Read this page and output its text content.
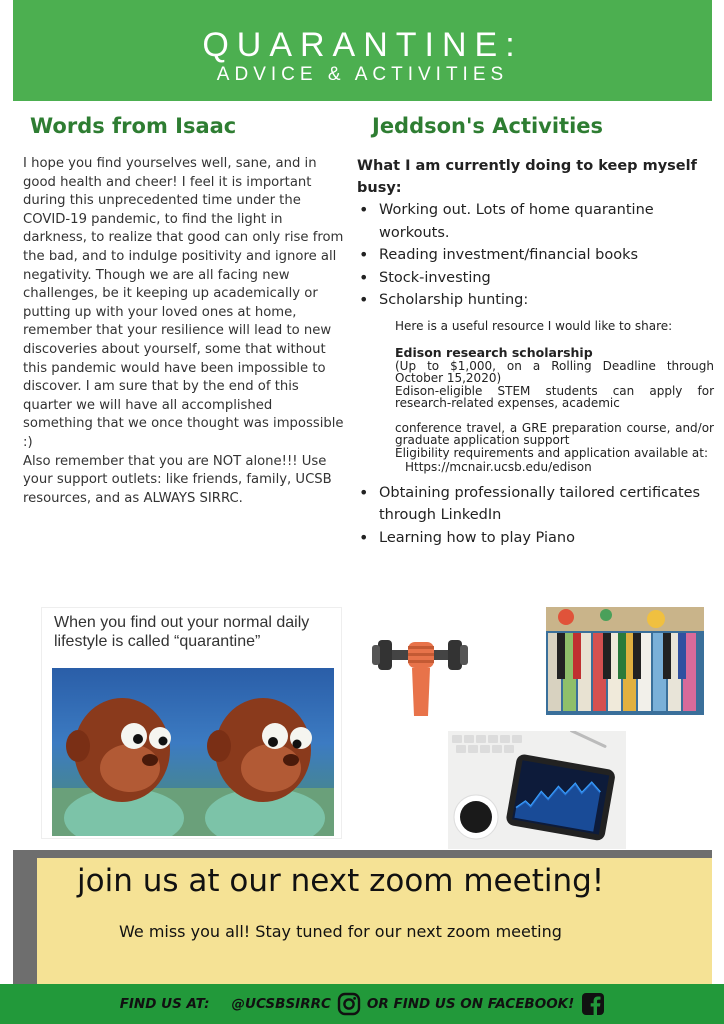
QUARANTINE:
ADVICE & ACTIVITIES
Words from Isaac	Jeddson's Activities

I hope you find yourselves well, sane, and in good health and cheer! I feel it is important during this unprecedented time under the COVID-19 pandemic, to find the light in darkness, to realize that good can only rise from the bad, and to indulge positivity and ignore all negativity. Though we are all facing new challenges, be it keeping up academically or putting up with your loved ones at home, remember that your resilience will lead to new discoveries about yourself, some that without this pandemic would have been impossible to discover. I am sure that by the end of this quarter we will have all accomplished something that we once thought was impossible :)

Also remember that you are NOT alone!!! Use your support outlets: like friends, family, UCSB resources, and as ALWAYS SIRRC.

What I am currently doing to keep myself busy:
• Working out. Lots of home quarantine workouts.
• Reading investment/financial books
• Stock-investing
• Scholarship hunting:
Here is a useful resource I would like to share:
Edison research scholarship
(Up to $1,000, on a Rolling Deadline through October 15,2020)
Edison-eligible STEM students can apply for research-related expenses, academic
conference travel, a GRE preparation course, and/or graduate application support
Eligibility requirements and application available at:
Https://mcnair.ucsb.edu/edison
• Obtaining professionally tailored certificates through LinkedIn
• Learning how to play Piano
When you find out your normal daily lifestyle is called “quarantine”
join us at our next zoom meeting!
We miss you all! Stay tuned for our next zoom meeting
FIND US AT: @UCSBSIRRC	OR FIND US ON FACEBOOK!
